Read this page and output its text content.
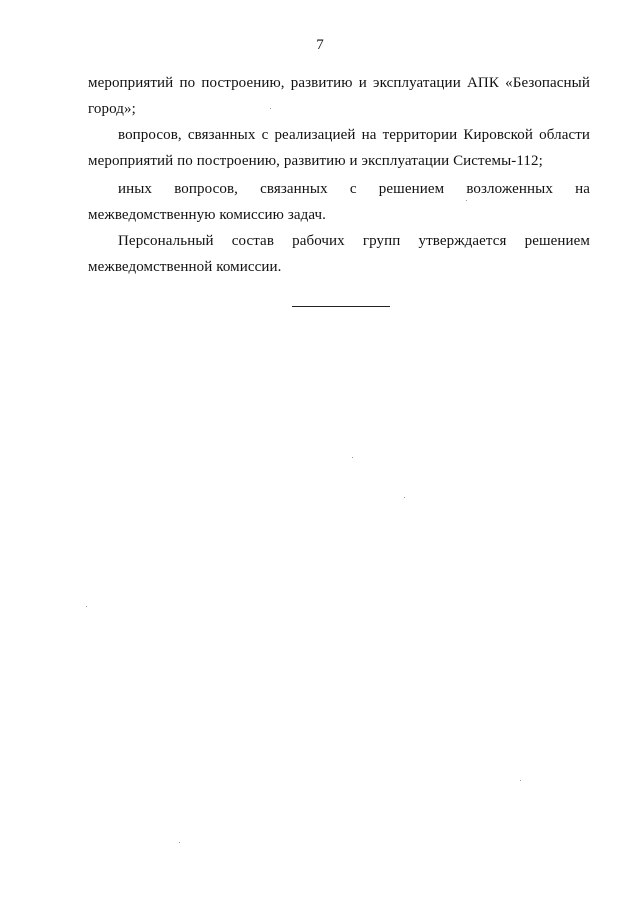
7

мероприятий по построению, развитию и эксплуатации АПК «Безопасный

город»;

вопросов, связанных с реализацией на территории Кировской области

мероприятий по построению, развитию и эксплуатации Системы-112;

иных вопросов, связанных с решением возложенных на

межведомственную комиссию задач.

Персональный состав рабочих групп утверждается решением

межведомственной комиссии.
